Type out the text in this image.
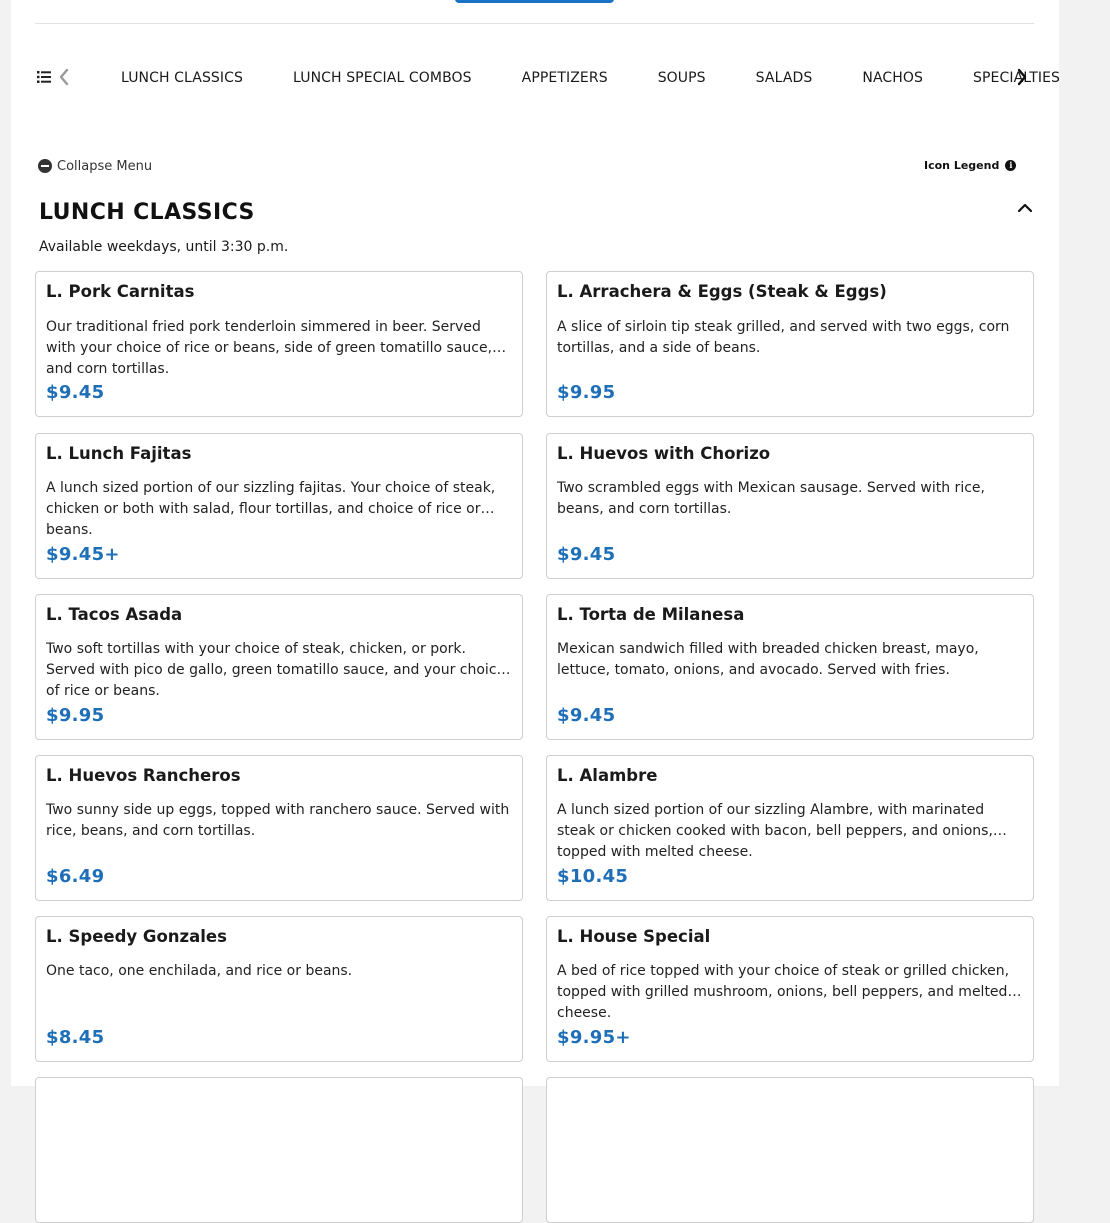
LUNCH CLASSICS	LUNCH SPECIAL COMBOS	APPETIZERS	SOUPS	SALADS	NACHOS	SPECIALTIES
Collapse Menu	Icon Legend	i
LUNCH CLASSICS
Available weekdays, until 3:30 p.m.
L. Pork Carnitas
Our traditional fried pork tenderloin simmered in beer. Served with your choice of rice or beans, side of green tomatillo sauce, and corn tortillas.
$9.45
L. Arrachera & Eggs (Steak & Eggs)
A slice of sirloin tip steak grilled, and served with two eggs, corn tortillas, and a side of beans.
$9.95
L. Lunch Fajitas
A lunch sized portion of our sizzling fajitas. Your choice of steak, chicken or both with salad, flour tortillas, and choice of rice or beans.
$9.45+
L. Huevos with Chorizo
Two scrambled eggs with Mexican sausage. Served with rice, beans, and corn tortillas.
$9.45
L. Tacos Asada
Two soft tortillas with your choice of steak, chicken, or pork. Served with pico de gallo, green tomatillo sauce, and your choice of rice or beans.
$9.95
L. Torta de Milanesa
Mexican sandwich filled with breaded chicken breast, mayo, lettuce, tomato, onions, and avocado. Served with fries.
$9.45
L. Huevos Rancheros
Two sunny side up eggs, topped with ranchero sauce. Served with rice, beans, and corn tortillas.
$6.49
L. Alambre
A lunch sized portion of our sizzling Alambre, with marinated steak or chicken cooked with bacon, bell peppers, and onions, topped with melted cheese.
$10.45
L. Speedy Gonzales
One taco, one enchilada, and rice or beans.
$8.45
L. House Special
A bed of rice topped with your choice of steak or grilled chicken, topped with grilled mushroom, onions, bell peppers, and melted cheese.
$9.95+
